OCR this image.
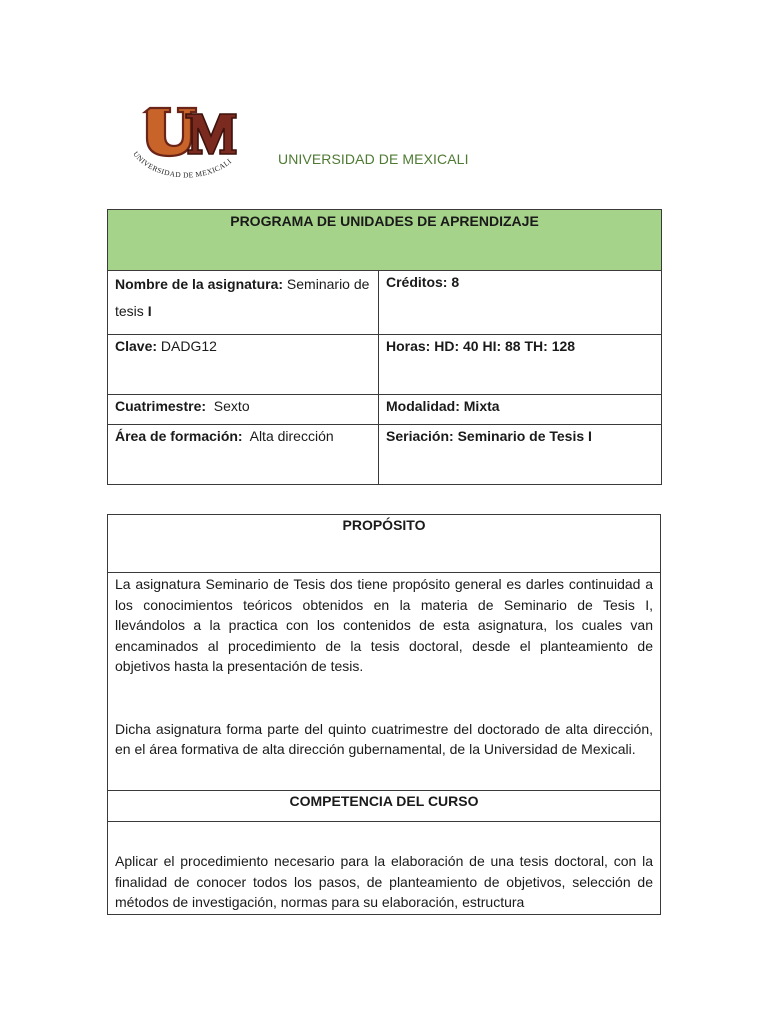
UNIVERSIDAD DE MEXICALI	UNIVERSIDAD DE MEXICALI
PROGRAMA DE UNIDADES DE APRENDIZAJE	

Nombre de la asignatura: Seminario de tesis I	Créditos: 8

Clave: DADG12	Horas: HD: 40 HI: 88 TH: 128

Cuatrimestre:  Sexto	Modalidad: Mixta

Área de formación:  Alta dirección	Seriación: Seminario de Tesis I
PROPÓSITO

La asignatura Seminario de Tesis dos tiene propósito general es darles continuidad a los conocimientos teóricos obtenidos en la materia de Seminario de Tesis I, llevándolos a la practica con los contenidos de esta asignatura, los cuales van encaminados al procedimiento de la tesis doctoral, desde el planteamiento de objetivos hasta la presentación de tesis.
Dicha asignatura forma parte del quinto cuatrimestre del doctorado de alta dirección, en el área formativa de alta dirección gubernamental, de la Universidad de Mexicali.

COMPETENCIA DEL CURSO

Aplicar el procedimiento necesario para la elaboración de una tesis doctoral, con la finalidad de conocer todos los pasos, de planteamiento de objetivos, selección de métodos de investigación, normas para su elaboración, estructura
